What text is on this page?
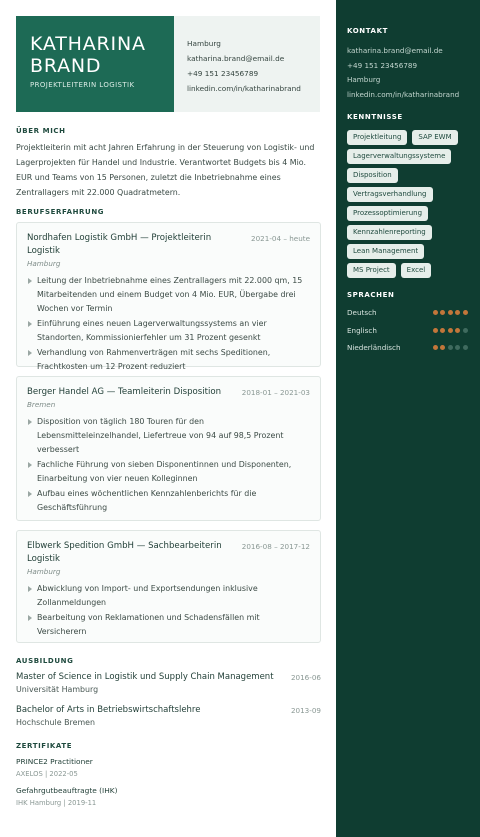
KATHARINA
BRAND
PROJEKTLEITERIN LOGISTIK
Hamburg
katharina.brand@email.de
+49 151 23456789
linkedin.com/in/katharinabrand
ÜBER MICH
Projektleiterin mit acht Jahren Erfahrung in der Steuerung von Logistik- und Lagerprojekten für Handel und Industrie. Verantwortet Budgets bis 4 Mio. EUR und Teams von 15 Personen, zuletzt die Inbetriebnahme eines Zentrallagers mit 22.000 Quadratmetern.
BERUFSERFAHRUNG
Nordhafen Logistik GmbH — Projektleiterin Logistik
2021-04 – heute
Hamburg
Leitung der Inbetriebnahme eines Zentrallagers mit 22.000 qm, 15 Mitarbeitenden und einem Budget von 4 Mio. EUR, Übergabe drei Wochen vor Termin
Einführung eines neuen Lagerverwaltungssystems an vier Standorten, Kommissionierfehler um 31 Prozent gesenkt
Verhandlung von Rahmenverträgen mit sechs Speditionen, Frachtkosten um 12 Prozent reduziert
Berger Handel AG — Teamleiterin Disposition	2018-01 – 2021-03
Bremen
Disposition von täglich 180 Touren für den Lebensmitteleinzelhandel, Liefertreue von 94 auf 98,5 Prozent verbessert
Fachliche Führung von sieben Disponentinnen und Disponenten, Einarbeitung von vier neuen Kolleginnen
Aufbau eines wöchentlichen Kennzahlenberichts für die Geschäftsführung
Elbwerk Spedition GmbH — Sachbearbeiterin Logistik
2016-08 – 2017-12
Hamburg
Abwicklung von Import- und Exportsendungen inklusive Zollanmeldungen
Bearbeitung von Reklamationen und Schadensfällen mit Versicherern
AUSBILDUNG
Master of Science in Logistik und Supply Chain Management 2016-06
Universität Hamburg
Bachelor of Arts in Betriebswirtschaftslehre	2013-09
Hochschule Bremen
ZERTIFIKATE
PRINCE2 Practitioner
AXELOS | 2022-05
Gefahrgutbeauftragte (IHK)
IHK Hamburg | 2019-11
KONTAKT
katharina.brand@email.de
+49 151 23456789
Hamburg
linkedin.com/in/katharinabrand
KENNTNISSE
Projektleitung	SAP EWM
Lagerverwaltungssysteme
Disposition
Vertragsverhandlung
Prozessoptimierung
Kennzahlenreporting
Lean Management
MS Project	Excel
SPRACHEN
Deutsch
Englisch
Niederländisch
